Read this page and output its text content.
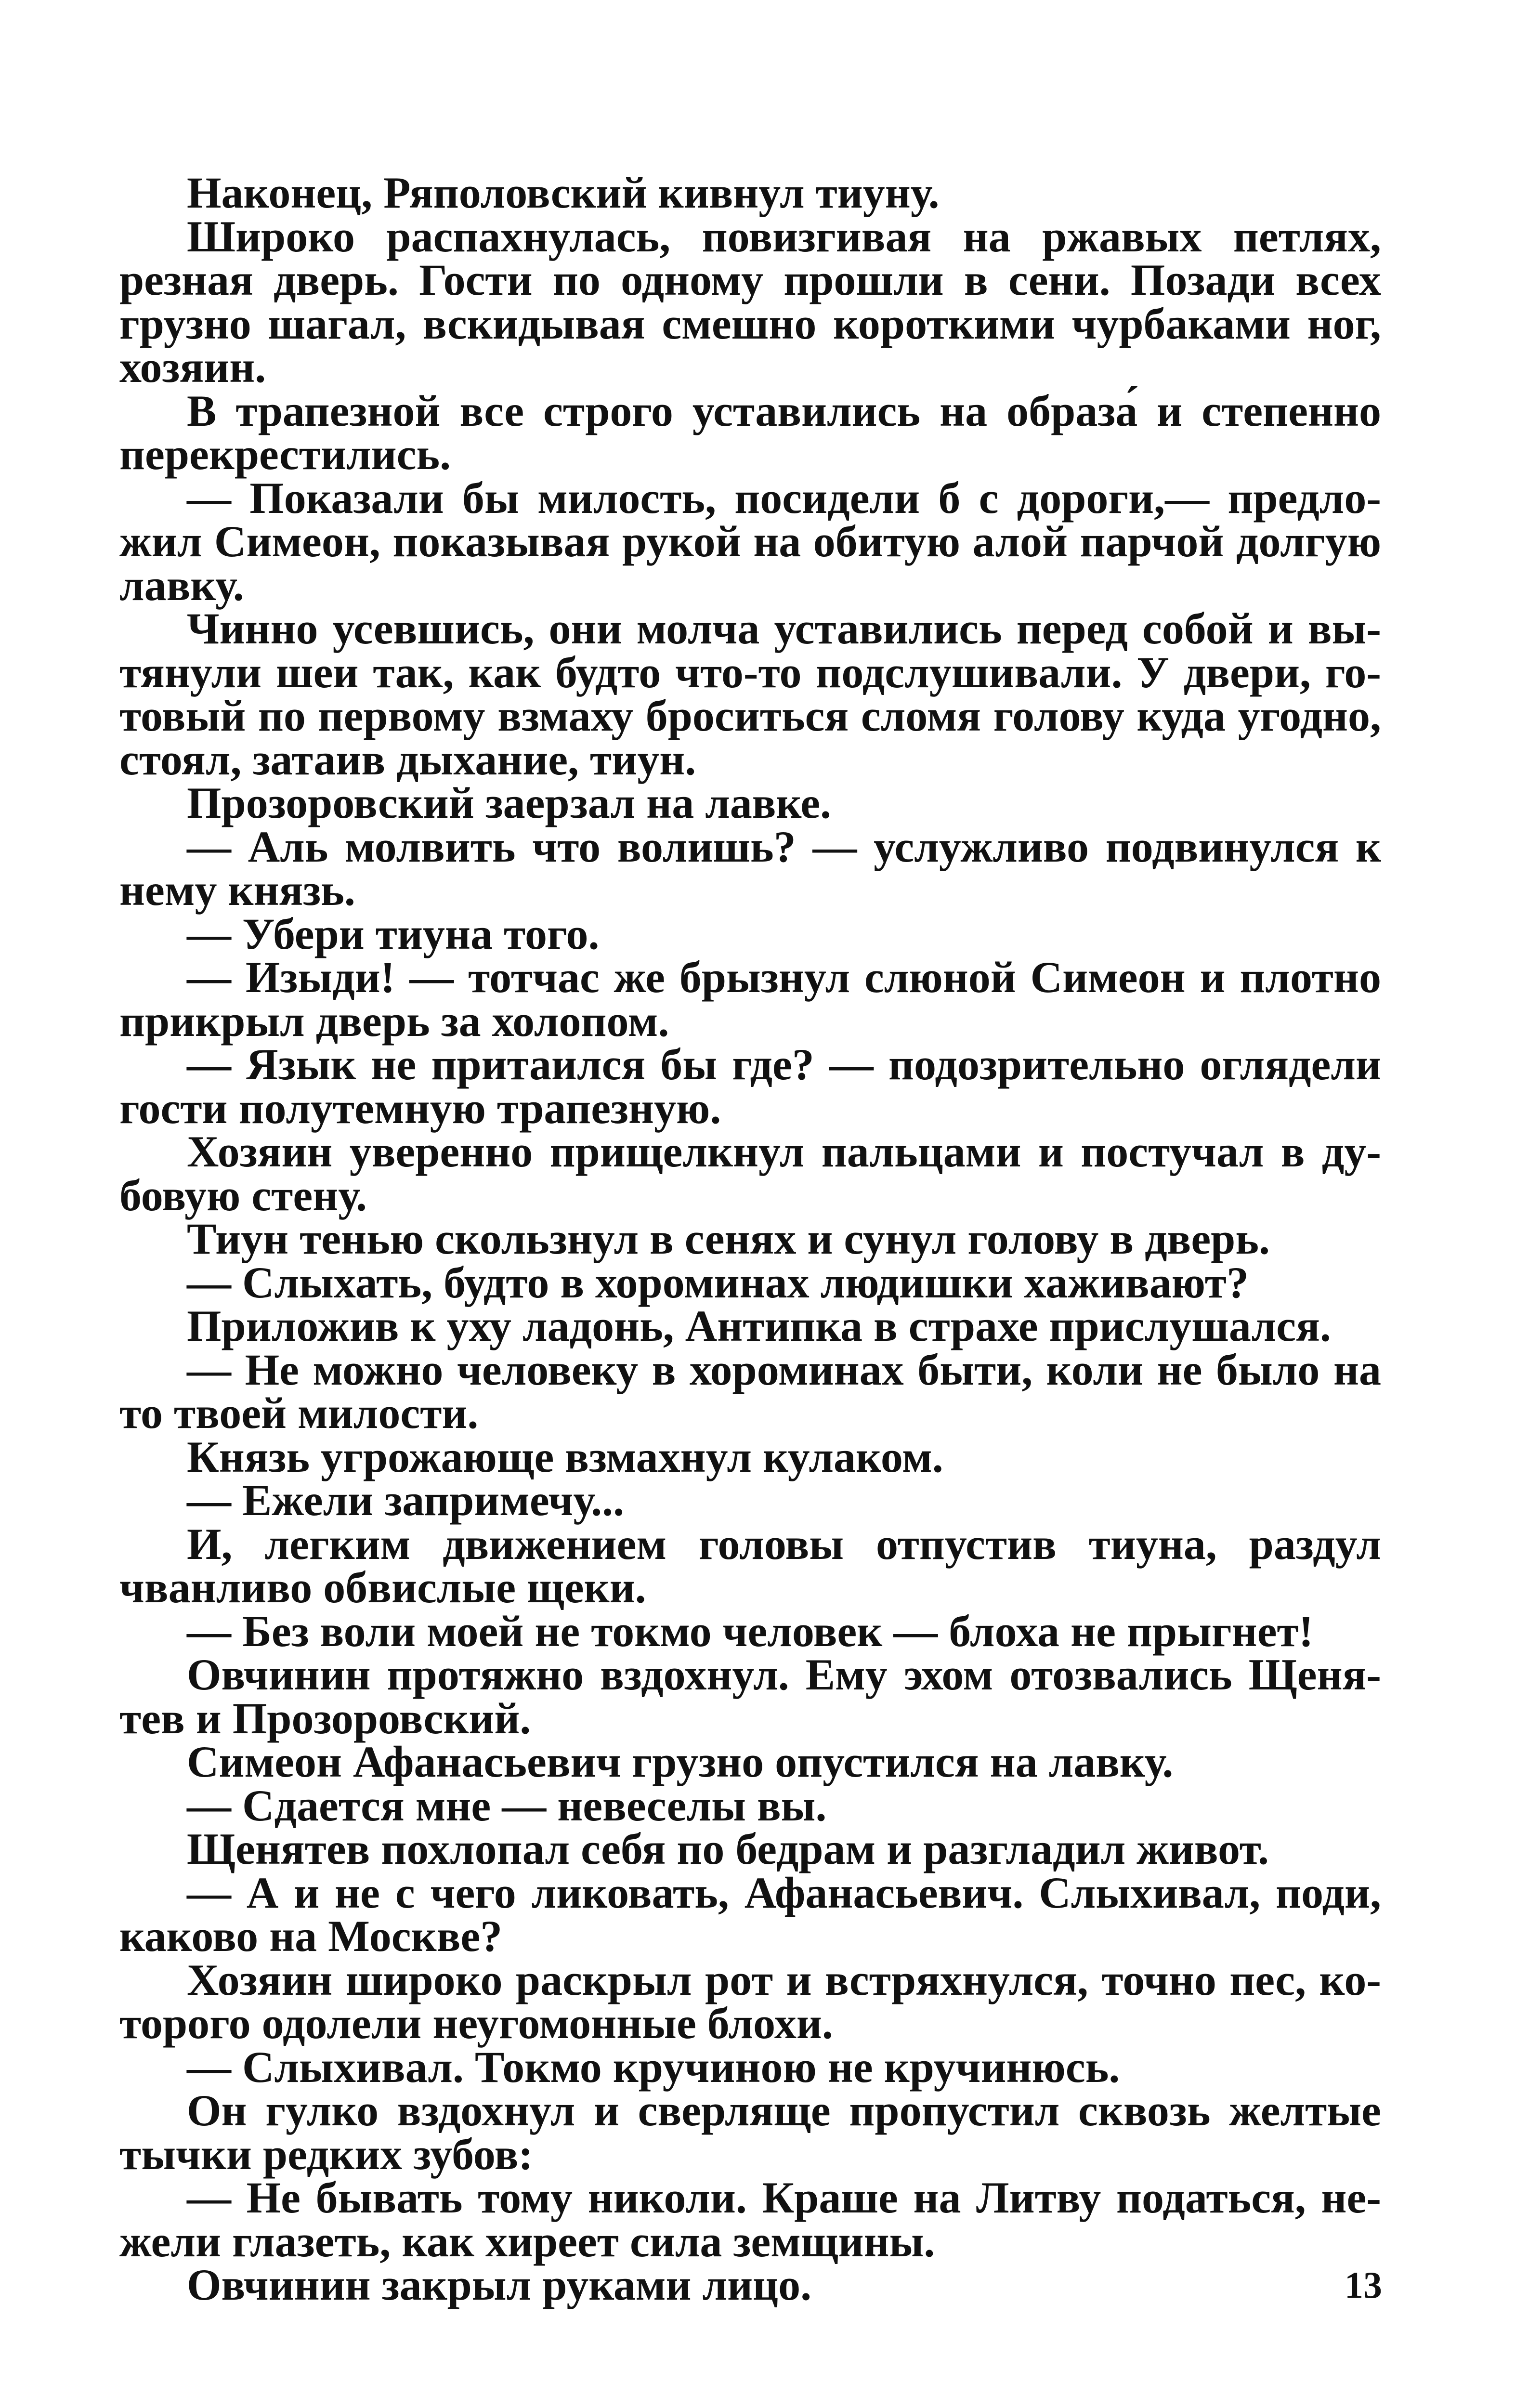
Наконец, Ряполовский кивнул тиуну.

Широко распахнулась, повизгивая на ржавых петлях, резная дверь. Гости по одному прошли в сени. Позади всех грузно шагал, вскидывая смешно короткими чурбаками ног, хозяин.

В трапезной все строго уставились на образа́ и степенно перекрестились.

— Показали бы милость, посидели б с дороги,— предложил Симеон, показывая рукой на обитую алой парчой долгую лавку.

Чинно усевшись, они молча уставились перед собой и вытянули шеи так, как будто что-то подслушивали. У двери, готовый по первому взмаху броситься сломя голову куда угодно, стоял, затаив дыхание, тиун.

Прозоровский заерзал на лавке.

— Аль молвить что волишь? — услужливо подвинулся к нему князь.

— Убери тиуна того.

— Изыди! — тотчас же брызнул слюной Симеон и плотно прикрыл дверь за холопом.

— Язык не притаился бы где? — подозрительно оглядели гости полутемную трапезную.

Хозяин уверенно прищелкнул пальцами и постучал в дубовую стену.

Тиун тенью скользнул в сенях и сунул голову в дверь.

— Слыхать, будто в хороминах людишки хаживают?

Приложив к уху ладонь, Антипка в страхе прислушался.

— Не можно человеку в хороминах быти, коли не было на то твоей милости.

Князь угрожающе взмахнул кулаком.

— Ежели запримечу...

И, легким движением головы отпустив тиуна, раздул чванливо обвислые щеки.

— Без воли моей не токмо человек — блоха не прыгнет!

Овчинин протяжно вздохнул. Ему эхом отозвались Щенятев и Прозоровский.

Симеон Афанасьевич грузно опустился на лавку.

— Сдается мне — невеселы вы.

Щенятев похлопал себя по бедрам и разгладил живот.

— А и не с чего ликовать, Афанасьевич. Слыхивал, поди, каково на Москве?

Хозяин широко раскрыл рот и встряхнулся, точно пес, которого одолели неугомонные блохи.

— Слыхивал. Токмо кручиною не кручинюсь.

Он гулко вздохнул и сверляще пропустил сквозь желтые тычки редких зубов:

— Не бывать тому николи. Краше на Литву податься, нежели глазеть, как хиреет сила земщины.

Овчинин закрыл руками лицо.	13
